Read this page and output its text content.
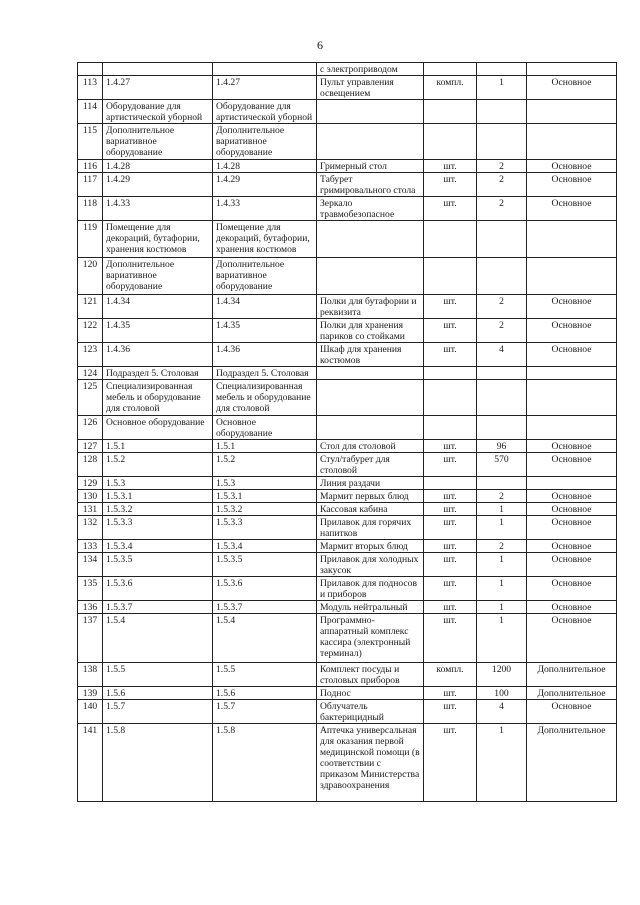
6
			с электроприводом			
113	1.4.27	1.4.27	Пульт управления освещением	компл.	1	Основное
114	Оборудование для артистической уборной	Оборудование для артистической уборной				
115	Дополнительное вариативное оборудование	Дополнительное вариативное оборудование				
116	1.4.28	1.4.28	Гримерный стол	шт.	2	Основное
117	1.4.29	1.4.29	Табурет гримировального стола	шт.	2	Основное
118	1.4.33	1.4.33	Зеркало травмобезопасное	шт.	2	Основное
119	Помещение для декораций, бутафории, хранения костюмов	Помещение для декораций, бутафории, хранения костюмов				
120	Дополнительное вариативное оборудование	Дополнительное вариативное оборудование				
121	1.4.34	1.4.34	Полки для бутафории и реквизита	шт.	2	Основное
122	1.4.35	1.4.35	Полки для хранения париков со стойками	шт.	2	Основное
123	1.4.36	1.4.36	Шкаф для хранения костюмов	шт.	4	Основное
124	Подраздел 5. Столовая	Подраздел 5. Столовая				
125	Специализированная мебель и оборудование для столовой	Специализированная мебель и оборудование для столовой				
126	Основное оборудование	Основное оборудование				
127	1.5.1	1.5.1	Стол для столовой	шт.	96	Основное
128	1.5.2	1.5.2	Стул/табурет для столовой	шт.	570	Основное
129	1.5.3	1.5.3	Линия раздачи			
130	1.5.3.1	1.5.3.1	Мармит первых блюд	шт.	2	Основное
131	1.5.3.2	1.5.3.2	Кассовая кабина	шт.	1	Основное
132	1.5.3.3	1.5.3.3	Прилавок для горячих напитков	шт.	1	Основное
133	1.5.3.4	1.5.3.4	Мармит вторых блюд	шт.	2	Основное
134	1.5.3.5	1.5.3.5	Прилавок для холодных закусок	шт.	1	Основное
135	1.5.3.6	1.5.3.6	Прилавок для подносов и приборов	шт.	1	Основное
136	1.5.3.7	1.5.3.7	Модуль нейтральный	шт.	1	Основное
137	1.5.4	1.5.4	Программно-аппаратный комплекс кассира (электронный терминал)	шт.	1	Основное
138	1.5.5	1.5.5	Комплект посуды и столовых приборов	компл.	1200	Дополнительное
139	1.5.6	1.5.6	Поднос	шт.	100	Дополнительное
140	1.5.7	1.5.7	Облучатель бактерицидный	шт.	4	Основное
141	1.5.8	1.5.8	Аптечка универсальная для оказания первой медицинской помощи (в соответствии с приказом Министерства здравоохранения	шт.	1	Дополнительное
